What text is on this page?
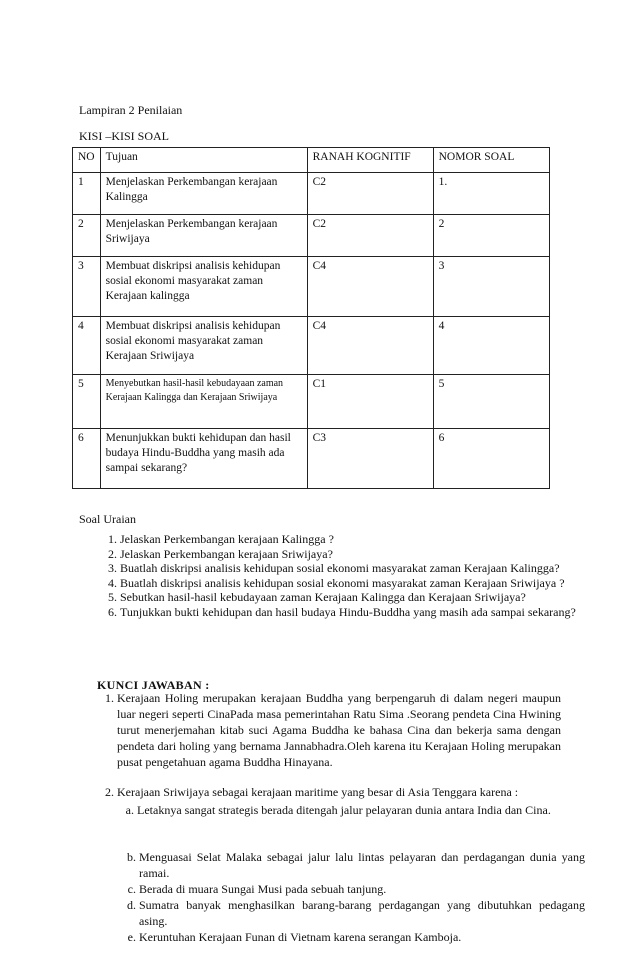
Lampiran 2 Penilaian
KISI –KISI SOAL
NO	Tujuan	RANAH KOGNITIF	NOMOR SOAL
1	Menjelaskan Perkembangan kerajaan Kalingga	C2	1.
2	Menjelaskan Perkembangan kerajaan Sriwijaya	C2	2
3	Membuat diskripsi analisis kehidupan sosial ekonomi masyarakat zaman Kerajaan kalingga	C4	3
4	Membuat diskripsi analisis kehidupan sosial ekonomi masyarakat zaman Kerajaan Sriwijaya	C4	4
5	Menyebutkan hasil-hasil kebudayaan zaman Kerajaan Kalingga dan Kerajaan Sriwijaya	C1	5
6	Menunjukkan bukti kehidupan dan hasil budaya Hindu-Buddha yang masih ada sampai sekarang?	C3	6
Soal Uraian
1. Jelaskan Perkembangan kerajaan Kalingga ?
2. Jelaskan Perkembangan kerajaan Sriwijaya?
3. Buatlah diskripsi analisis kehidupan sosial ekonomi masyarakat zaman Kerajaan Kalingga?
4. Buatlah diskripsi analisis kehidupan sosial ekonomi masyarakat zaman Kerajaan Sriwijaya ?
5. Sebutkan hasil-hasil kebudayaan zaman Kerajaan Kalingga dan Kerajaan Sriwijaya?
6. Tunjukkan bukti kehidupan dan hasil budaya Hindu-Buddha yang masih ada sampai sekarang?
KUNCI JAWABAN :
1. Kerajaan Holing merupakan kerajaan Buddha yang berpengaruh di dalam negeri maupun luar negeri seperti CinaPada masa pemerintahan Ratu Sima .Seorang pendeta Cina Hwining turut menerjemahan kitab suci Agama Buddha ke bahasa Cina dan bekerja sama dengan pendeta dari holing yang bernama Jannabhadra.Oleh karena itu Kerajaan Holing merupakan pusat pengetahuan agama Buddha Hinayana.
2. Kerajaan Sriwijaya sebagai kerajaan maritime yang besar di Asia Tenggara karena :
a. Letaknya sangat strategis berada ditengah jalur pelayaran dunia antara India dan Cina.
b. Menguasai Selat Malaka sebagai jalur lalu lintas pelayaran dan perdagangan dunia yang ramai.
c. Berada di muara Sungai Musi pada sebuah tanjung.
d. Sumatra banyak menghasilkan barang-barang perdagangan yang dibutuhkan pedagang asing.
e. Keruntuhan Kerajaan Funan di Vietnam karena serangan Kamboja.
